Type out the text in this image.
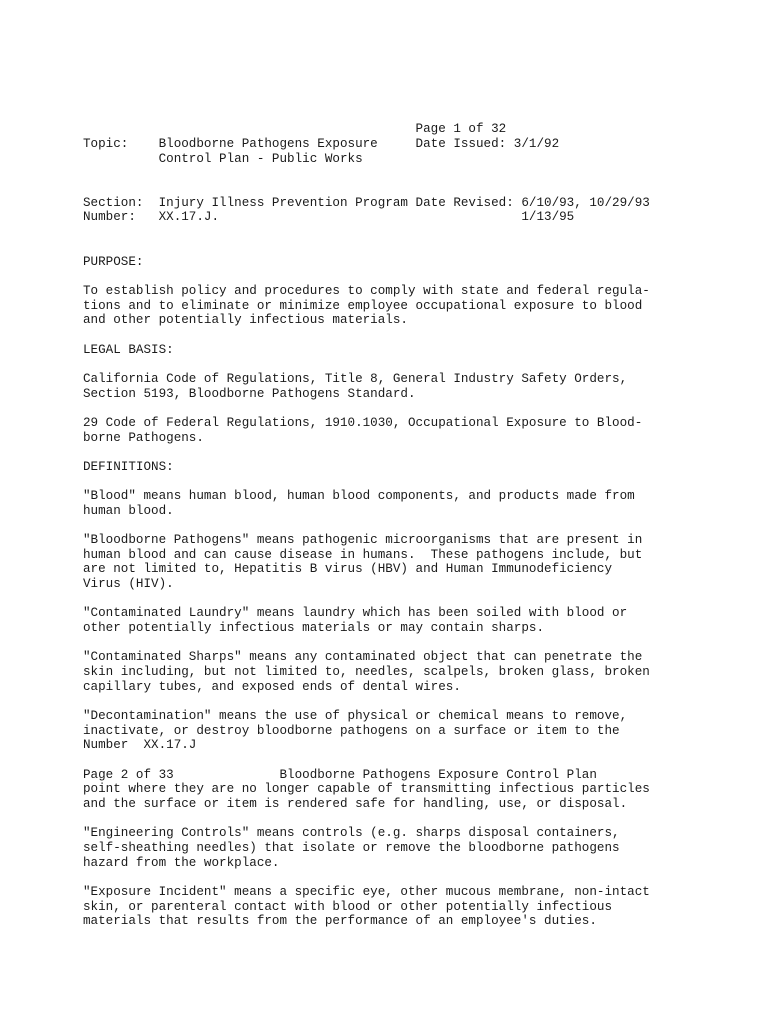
Page 1 of 32

Topic:    Bloodborne Pathogens Exposure     Date Issued: 3/1/92

Control Plan - Public Works

Section:  Injury Illness Prevention Program Date Revised: 6/10/93, 10/29/93

Number:   XX.17.J.                                        1/13/95

PURPOSE:

To establish policy and procedures to comply with state and federal regula-

tions and to eliminate or minimize employee occupational exposure to blood

and other potentially infectious materials.

LEGAL BASIS:

California Code of Regulations, Title 8, General Industry Safety Orders,

Section 5193, Bloodborne Pathogens Standard.

29 Code of Federal Regulations, 1910.1030, Occupational Exposure to Blood-

borne Pathogens.

DEFINITIONS:

"Blood" means human blood, human blood components, and products made from

human blood.

"Bloodborne Pathogens" means pathogenic microorganisms that are present in

human blood and can cause disease in humans.  These pathogens include, but

are not limited to, Hepatitis B virus (HBV) and Human Immunodeficiency

Virus (HIV).

"Contaminated Laundry" means laundry which has been soiled with blood or

other potentially infectious materials or may contain sharps.

"Contaminated Sharps" means any contaminated object that can penetrate the

skin including, but not limited to, needles, scalpels, broken glass, broken

capillary tubes, and exposed ends of dental wires.

"Decontamination" means the use of physical or chemical means to remove,

inactivate, or destroy bloodborne pathogens on a surface or item to the

Number  XX.17.J

Page 2 of 33              Bloodborne Pathogens Exposure Control Plan

point where they are no longer capable of transmitting infectious particles

and the surface or item is rendered safe for handling, use, or disposal.

"Engineering Controls" means controls (e.g. sharps disposal containers,

self-sheathing needles) that isolate or remove the bloodborne pathogens

hazard from the workplace.

"Exposure Incident" means a specific eye, other mucous membrane, non-intact

skin, or parenteral contact with blood or other potentially infectious

materials that results from the performance of an employee's duties.
